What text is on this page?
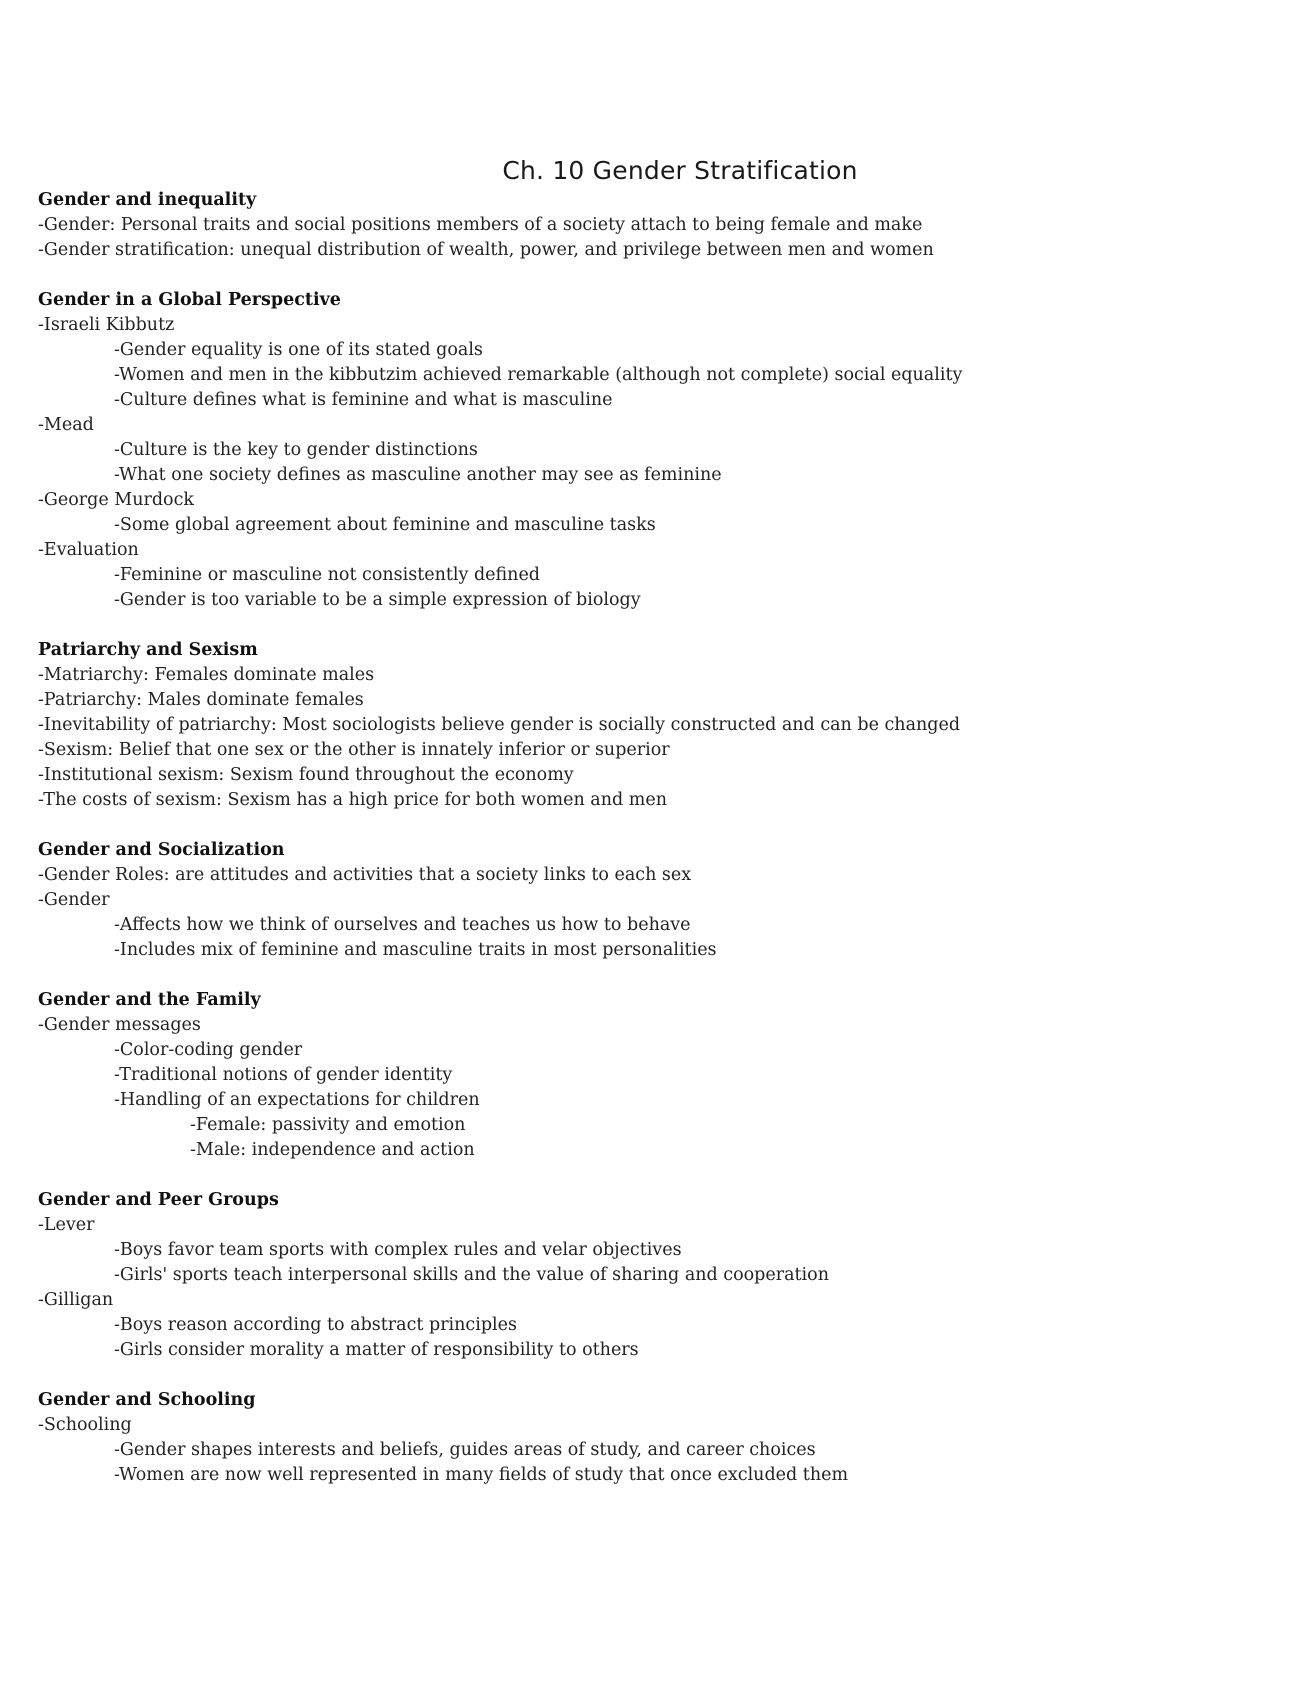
Ch. 10 Gender Stratification
Gender and inequality
-Gender: Personal traits and social positions members of a society attach to being female and make
-Gender stratification: unequal distribution of wealth, power, and privilege between men and women
Gender in a Global Perspective
-Israeli Kibbutz
-Gender equality is one of its stated goals
-Women and men in the kibbutzim achieved remarkable (although not complete) social equality
-Culture defines what is feminine and what is masculine
-Mead
-Culture is the key to gender distinctions
-What one society defines as masculine another may see as feminine
-George Murdock
-Some global agreement about feminine and masculine tasks
-Evaluation
-Feminine or masculine not consistently defined
-Gender is too variable to be a simple expression of biology
Patriarchy and Sexism
-Matriarchy: Females dominate males
-Patriarchy: Males dominate females
-Inevitability of patriarchy: Most sociologists believe gender is socially constructed and can be changed
-Sexism: Belief that one sex or the other is innately inferior or superior
-Institutional sexism: Sexism found throughout the economy
-The costs of sexism: Sexism has a high price for both women and men
Gender and Socialization
-Gender Roles: are attitudes and activities that a society links to each sex
-Gender
-Affects how we think of ourselves and teaches us how to behave
-Includes mix of feminine and masculine traits in most personalities
Gender and the Family
-Gender messages
-Color-coding gender
-Traditional notions of gender identity
-Handling of an expectations for children
-Female: passivity and emotion
-Male: independence and action
Gender and Peer Groups
-Lever
-Boys favor team sports with complex rules and velar objectives
-Girls' sports teach interpersonal skills and the value of sharing and cooperation
-Gilligan
-Boys reason according to abstract principles
-Girls consider morality a matter of responsibility to others
Gender and Schooling
-Schooling
-Gender shapes interests and beliefs, guides areas of study, and career choices
-Women are now well represented in many fields of study that once excluded them
